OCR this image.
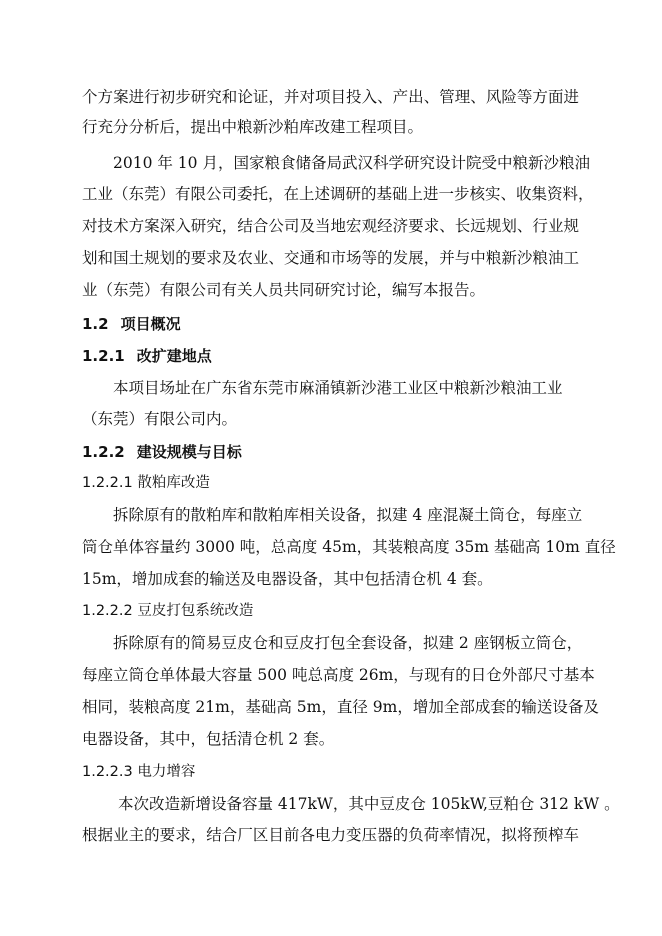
个方案进行初步研究和论证，并对项目投入、产出、管理、风险等方面进
行充分分析后，提出中粮新沙粕库改建工程项目。
2010 年 10 月，国家粮食储备局武汉科学研究设计院受中粮新沙粮油
工业（东莞）有限公司委托，在上述调研的基础上进一步核实、收集资料，
对技术方案深入研究，结合公司及当地宏观经济要求、长远规划、行业规
划和国土规划的要求及农业、交通和市场等的发展，并与中粮新沙粮油工
业（东莞）有限公司有关人员共同研究讨论，编写本报告。
1.2 项目概况
1.2.1 改扩建地点
本项目场址在广东省东莞市麻涌镇新沙港工业区中粮新沙粮油工业
（东莞）有限公司内。
1.2.2 建设规模与目标
1.2.2.1 散粕库改造
拆除原有的散粕库和散粕库相关设备，拟建 4 座混凝土筒仓，每座立
筒仓单体容量约 3000 吨，总高度 45m，其装粮高度 35m 基础高 10m 直径
15m，增加成套的输送及电器设备，其中包括清仓机 4 套。
1.2.2.2 豆皮打包系统改造
拆除原有的简易豆皮仓和豆皮打包全套设备，拟建 2 座钢板立筒仓，
每座立筒仓单体最大容量 500 吨总高度 26m，与现有的日仓外部尺寸基本
相同，装粮高度 21m，基础高 5m，直径 9m，增加全部成套的输送设备及
电器设备，其中，包括清仓机 2 套。
1.2.2.3 电力增容
本次改造新增设备容量 417kW，其中豆皮仓 105kW,豆粕仓 312 kW 。
根据业主的要求，结合厂区目前各电力变压器的负荷率情况，拟将预榨车
